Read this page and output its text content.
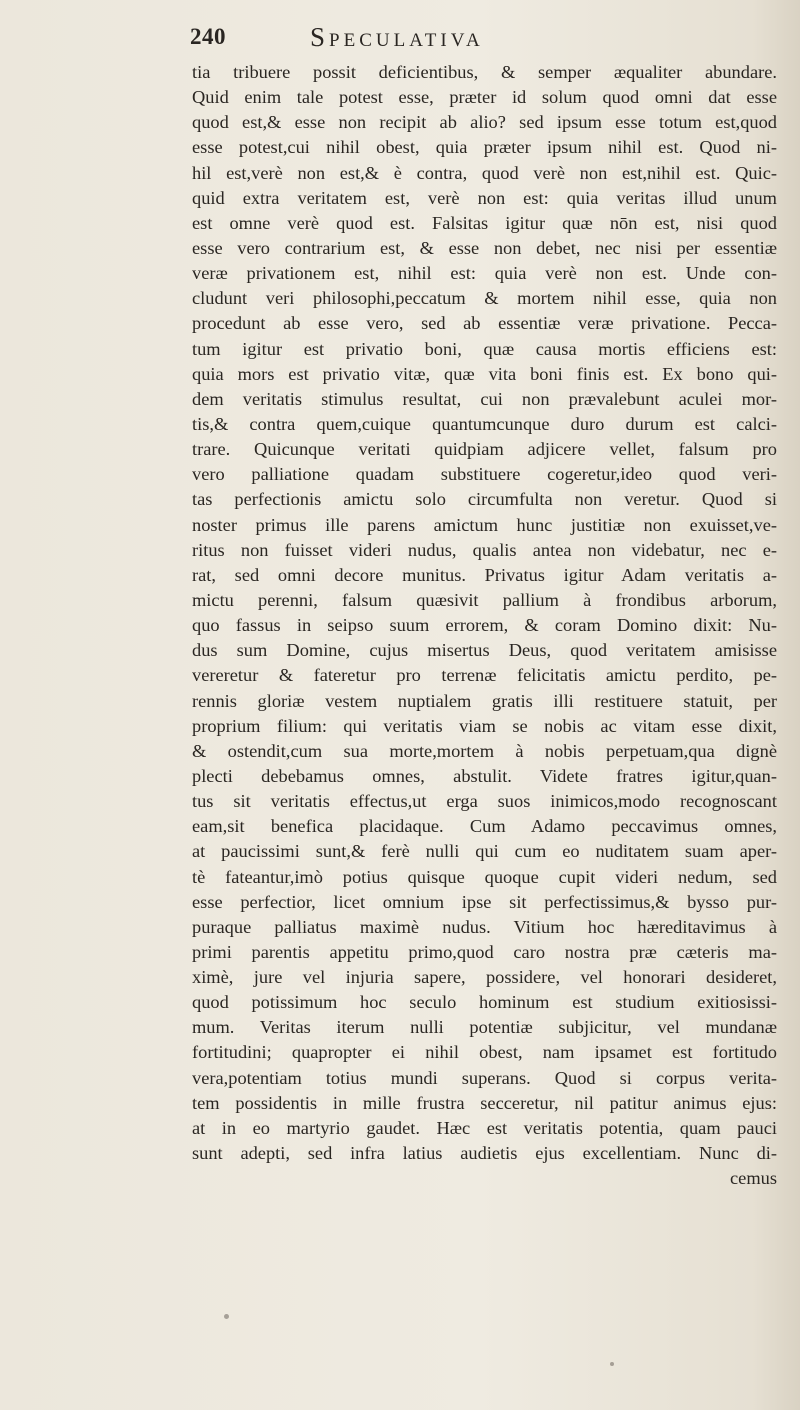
240	Speculativa
tia tribuere possit deficientibus, & semper æqualiter abundare.
Quid enim tale potest esse, præter id solum quod omni dat esse
quod est,& esse non recipit ab alio? sed ipsum esse totum est,quod
esse potest,cui nihil obest, quia præter ipsum nihil est. Quod ni-
hil est,verè non est,& è contra, quod verè non est,nihil est. Quic-
quid extra veritatem est, verè non est: quia veritas illud unum
est omne verè quod est. Falsitas igitur quæ nōn est, nisi quod
esse vero contrarium est, & esse non debet, nec nisi per essentiæ
veræ privationem est, nihil est: quia verè non est. Unde con-
cludunt veri philosophi,peccatum & mortem nihil esse, quia non
procedunt ab esse vero, sed ab essentiæ veræ privatione. Pecca-
tum igitur est privatio boni, quæ causa mortis efficiens est:
quia mors est privatio vitæ, quæ vita boni finis est. Ex bono qui-
dem veritatis stimulus resultat, cui non prævalebunt aculei mor-
tis,& contra quem,cuique quantumcunque duro durum est calci-
trare. Quicunque veritati quidpiam adjicere vellet, falsum pro
vero palliatione quadam substituere cogeretur,ideo quod veri-
tas perfectionis amictu solo circumfulta non veretur. Quod si
noster primus ille parens amictum hunc justitiæ non exuisset,ve-
ritus non fuisset videri nudus, qualis antea non videbatur, nec e-
rat, sed omni decore munitus. Privatus igitur Adam veritatis a-
mictu perenni, falsum quæsivit pallium à frondibus arborum,
quo fassus in seipso suum errorem, & coram Domino dixit: Nu-
dus sum Domine, cujus misertus Deus, quod veritatem amisisse
vereretur & fateretur pro terrenæ felicitatis amictu perdito, pe-
rennis gloriæ vestem nuptialem gratis illi restituere statuit, per
proprium filium: qui veritatis viam se nobis ac vitam esse dixit,
& ostendit,cum sua morte,mortem à nobis perpetuam,qua dignè
plecti debebamus omnes, abstulit. Videte fratres igitur,quan-
tus sit veritatis effectus,ut erga suos inimicos,modo recognoscant
eam,sit benefica placidaque. Cum Adamo peccavimus omnes,
at paucissimi sunt,& ferè nulli qui cum eo nuditatem suam aper-
tè fateantur,imò potius quisque quoque cupit videri nedum, sed
esse perfectior, licet omnium ipse sit perfectissimus,& bysso pur-
puraque palliatus maximè nudus. Vitium hoc hæreditavimus à
primi parentis appetitu primo,quod caro nostra præ cæteris ma-
ximè, jure vel injuria sapere, possidere, vel honorari desideret,
quod potissimum hoc seculo hominum est studium exitiosissi-
mum. Veritas iterum nulli potentiæ subjicitur, vel mundanæ
fortitudini; quapropter ei nihil obest, nam ipsamet est fortitudo
vera,potentiam totius mundi superans. Quod si corpus verita-
tem possidentis in mille frustra secceretur, nil patitur animus ejus:
at in eo martyrio gaudet. Hæc est veritatis potentia, quam pauci
sunt adepti, sed infra latius audietis ejus excellentiam. Nunc di-
cemus
